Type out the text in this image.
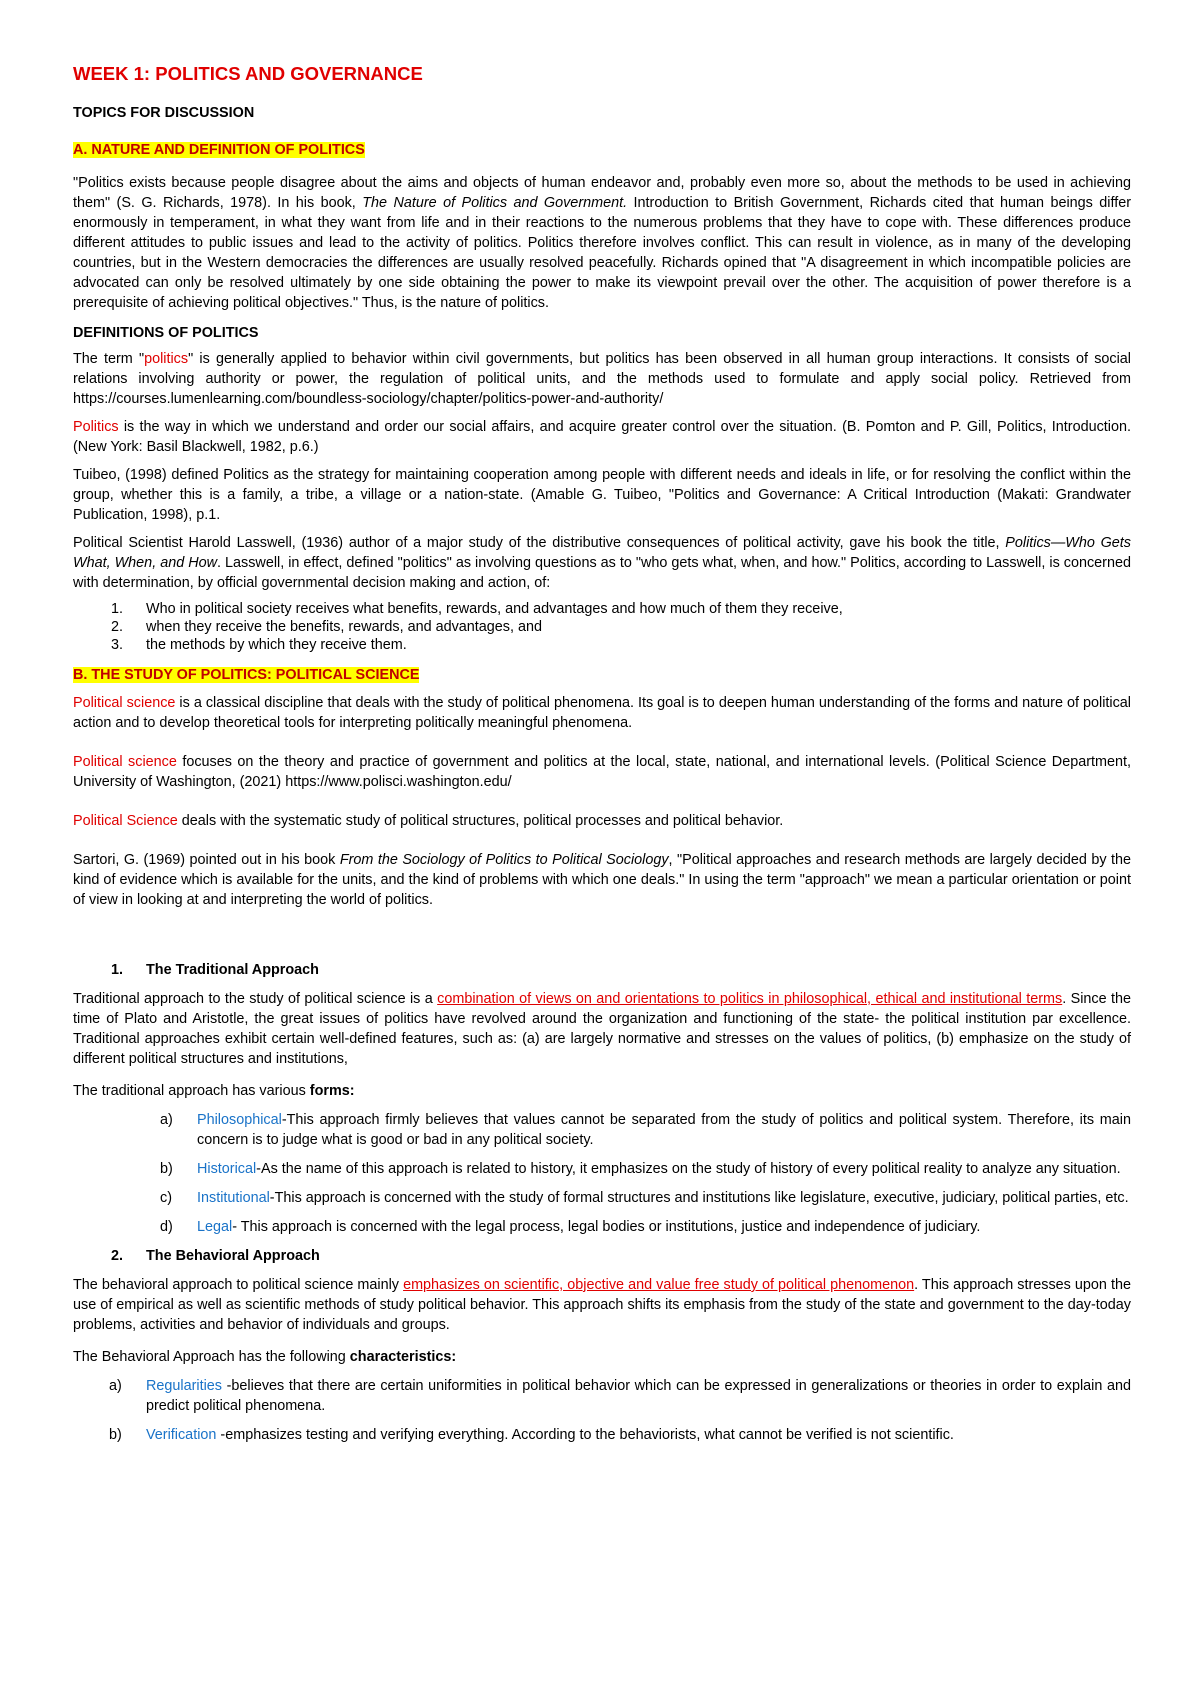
WEEK 1: POLITICS AND GOVERNANCE

TOPICS FOR DISCUSSION

A. NATURE AND DEFINITION OF POLITICS

"Politics exists because people disagree about the aims and objects of human endeavor and, probably even more so, about the methods to be used in achieving them" (S. G. Richards, 1978). In his book, The Nature of Politics and Government. Introduction to British Government, Richards cited that human beings differ enormously in temperament, in what they want from life and in their reactions to the numerous problems that they have to cope with. These differences produce different attitudes to public issues and lead to the activity of politics. Politics therefore involves conflict. This can result in violence, as in many of the developing countries, but in the Western democracies the differences are usually resolved peacefully. Richards opined that "A disagreement in which incompatible policies are advocated can only be resolved ultimately by one side obtaining the power to make its viewpoint prevail over the other. The acquisition of power therefore is a prerequisite of achieving political objectives." Thus, is the nature of politics.

DEFINITIONS OF POLITICS

The term "politics" is generally applied to behavior within civil governments, but politics has been observed in all human group interactions. It consists of social relations involving authority or power, the regulation of political units, and the methods used to formulate and apply social policy. Retrieved from https://courses.lumenlearning.com/boundless-sociology/chapter/politics-power-and-authority/

Politics is the way in which we understand and order our social affairs, and acquire greater control over the situation. (B. Pomton and P. Gill, Politics, Introduction. (New York: Basil Blackwell, 1982, p.6.)

Tuibeo, (1998) defined Politics as the strategy for maintaining cooperation among people with different needs and ideals in life, or for resolving the conflict within the group, whether this is a family, a tribe, a village or a nation-state. (Amable G. Tuibeo, "Politics and Governance: A Critical Introduction (Makati: Grandwater Publication, 1998), p.1.

Political Scientist Harold Lasswell, (1936) author of a major study of the distributive consequences of political activity, gave his book the title, Politics—Who Gets What, When, and How. Lasswell, in effect, defined "politics" as involving questions as to "who gets what, when, and how." Politics, according to Lasswell, is concerned with determination, by official governmental decision making and action, of:

1. Who in political society receives what benefits, rewards, and advantages and how much of them they receive,
2. when they receive the benefits, rewards, and advantages, and
3. the methods by which they receive them.

B. THE STUDY OF POLITICS: POLITICAL SCIENCE

Political science is a classical discipline that deals with the study of political phenomena. Its goal is to deepen human understanding of the forms and nature of political action and to develop theoretical tools for interpreting politically meaningful phenomena.

Political science focuses on the theory and practice of government and politics at the local, state, national, and international levels. (Political Science Department, University of Washington, (2021) https://www.polisci.washington.edu/

Political Science deals with the systematic study of political structures, political processes and political behavior.

Sartori, G. (1969) pointed out in his book From the Sociology of Politics to Political Sociology, "Political approaches and research methods are largely decided by the kind of evidence which is available for the units, and the kind of problems with which one deals." In using the term "approach" we mean a particular orientation or point of view in looking at and interpreting the world of politics.

1. The Traditional Approach

Traditional approach to the study of political science is a combination of views on and orientations to politics in philosophical, ethical and institutional terms. Since the time of Plato and Aristotle, the great issues of politics have revolved around the organization and functioning of the state- the political institution par excellence. Traditional approaches exhibit certain well-defined features, such as: (a) are largely normative and stresses on the values of politics, (b) emphasize on the study of different political structures and institutions,

The traditional approach has various forms:

a) Philosophical-This approach firmly believes that values cannot be separated from the study of politics and political system. Therefore, its main concern is to judge what is good or bad in any political society.
b) Historical-As the name of this approach is related to history, it emphasizes on the study of history of every political reality to analyze any situation.
c) Institutional-This approach is concerned with the study of formal structures and institutions like legislature, executive, judiciary, political parties, etc.
d) Legal- This approach is concerned with the legal process, legal bodies or institutions, justice and independence of judiciary.

2. The Behavioral Approach

The behavioral approach to political science mainly emphasizes on scientific, objective and value free study of political phenomenon. This approach stresses upon the use of empirical as well as scientific methods of study political behavior. This approach shifts its emphasis from the study of the state and government to the day-today problems, activities and behavior of individuals and groups.

The Behavioral Approach has the following characteristics:

a) Regularities -believes that there are certain uniformities in political behavior which can be expressed in generalizations or theories in order to explain and predict political phenomena.
b) Verification -emphasizes testing and verifying everything. According to the behaviorists, what cannot be verified is not scientific.
